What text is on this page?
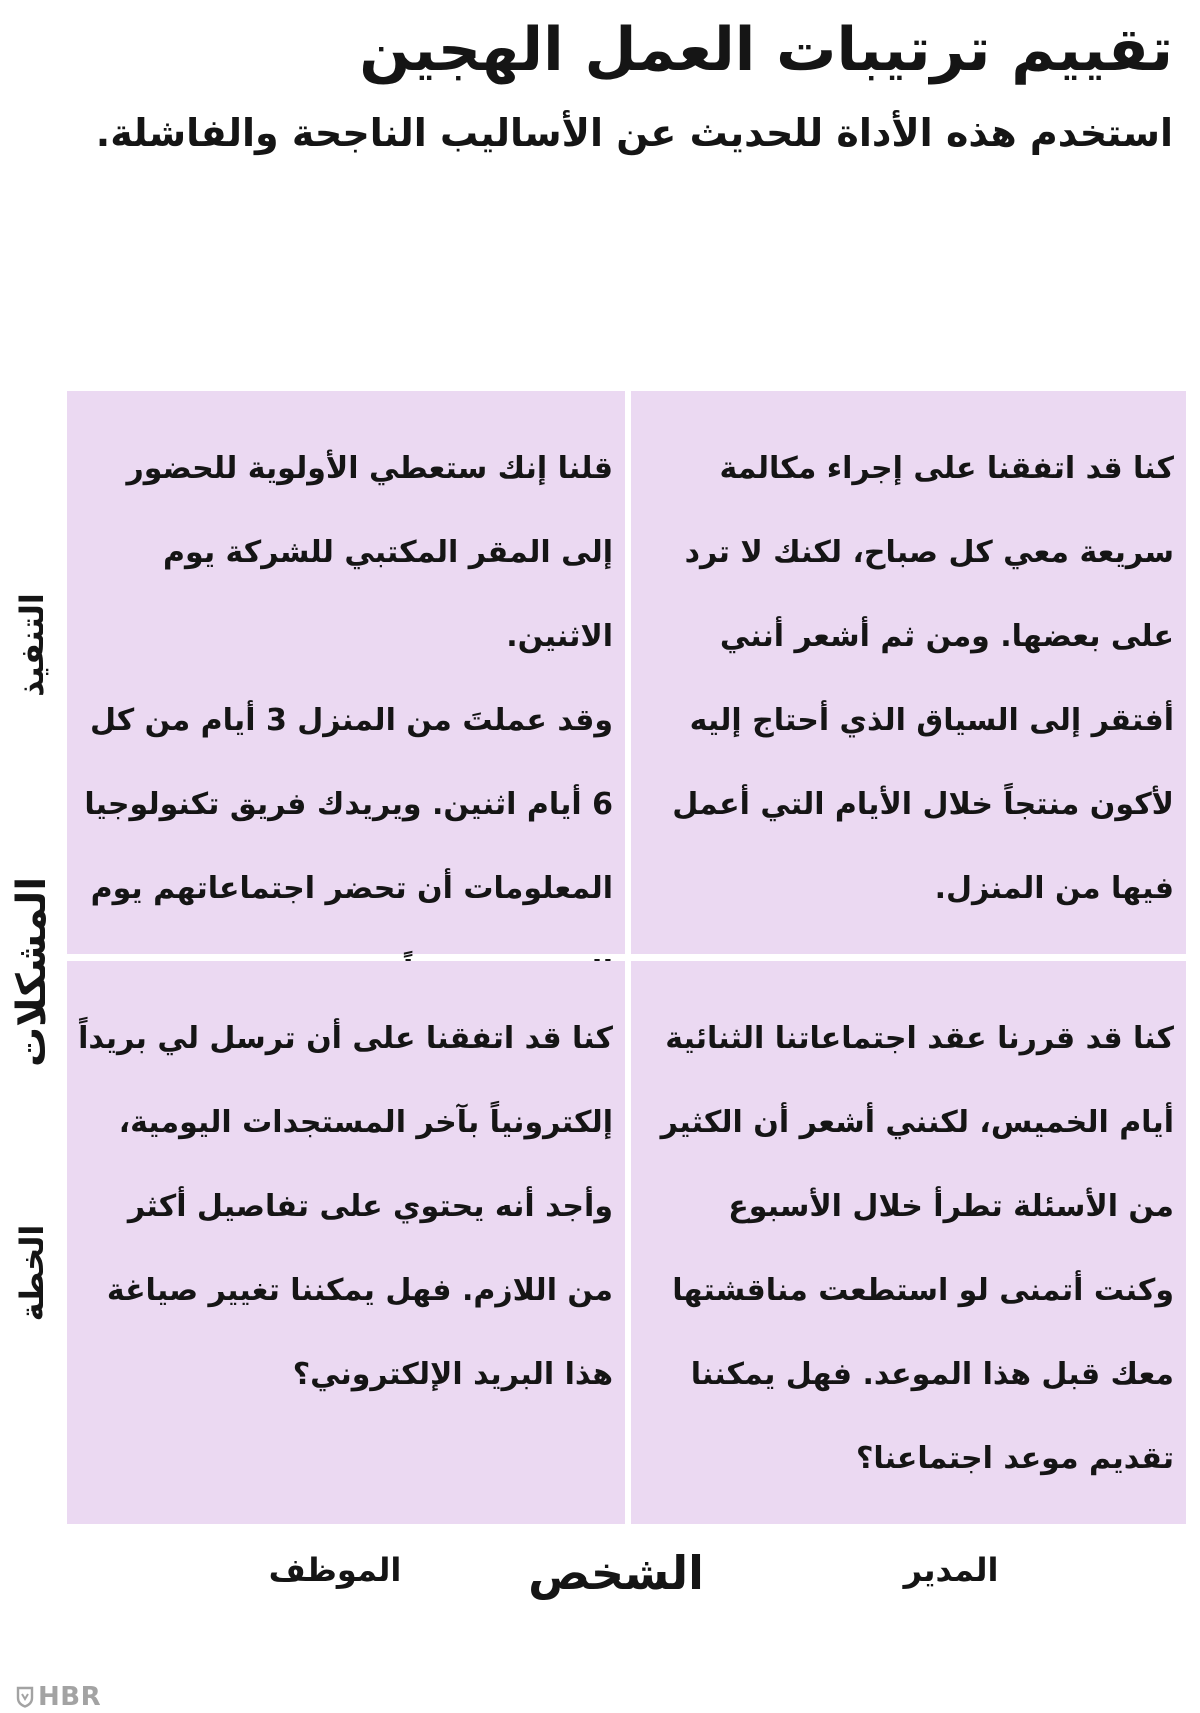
تقييم ترتيبات العمل الهجين
استخدم هذه الأداة للحديث عن الأساليب الناجحة والفاشلة.
التنفيذ
المشكلات
الخطة
كنا قد اتفقنا على إجراء مكالمة
سريعة معي كل صباح، لكنك لا ترد
على بعضها. ومن ثم أشعر أنني
أفتقر إلى السياق الذي أحتاج إليه
لأكون منتجاً خلال الأيام التي أعمل
فيها من المنزل.
قلنا إنك ستعطي الأولوية للحضور
إلى المقر المكتبي للشركة يوم الاثنين.
وقد عملتَ من المنزل 3 أيام من كل
6 أيام اثنين. ويريدك فريق تكنولوجيا
المعلومات أن تحضر اجتماعاتهم يوم
كنا قد قررنا عقد اجتماعاتنا الثنائية
أيام الخميس، لكنني أشعر أن الكثير
من الأسئلة تطرأ خلال الأسبوع
وكنت أتمنى لو استطعت مناقشتها
معك قبل هذا الموعد. فهل يمكننا
تقديم موعد اجتماعنا؟
كنا قد اتفقنا على أن ترسل لي بريداً
إلكترونياً بآخر المستجدات اليومية،
وأجد أنه يحتوي على تفاصيل أكثر
من اللازم. فهل يمكننا تغيير صياغة
هذا البريد الإلكتروني؟
الموظف	الشخص	المدير
HBR
